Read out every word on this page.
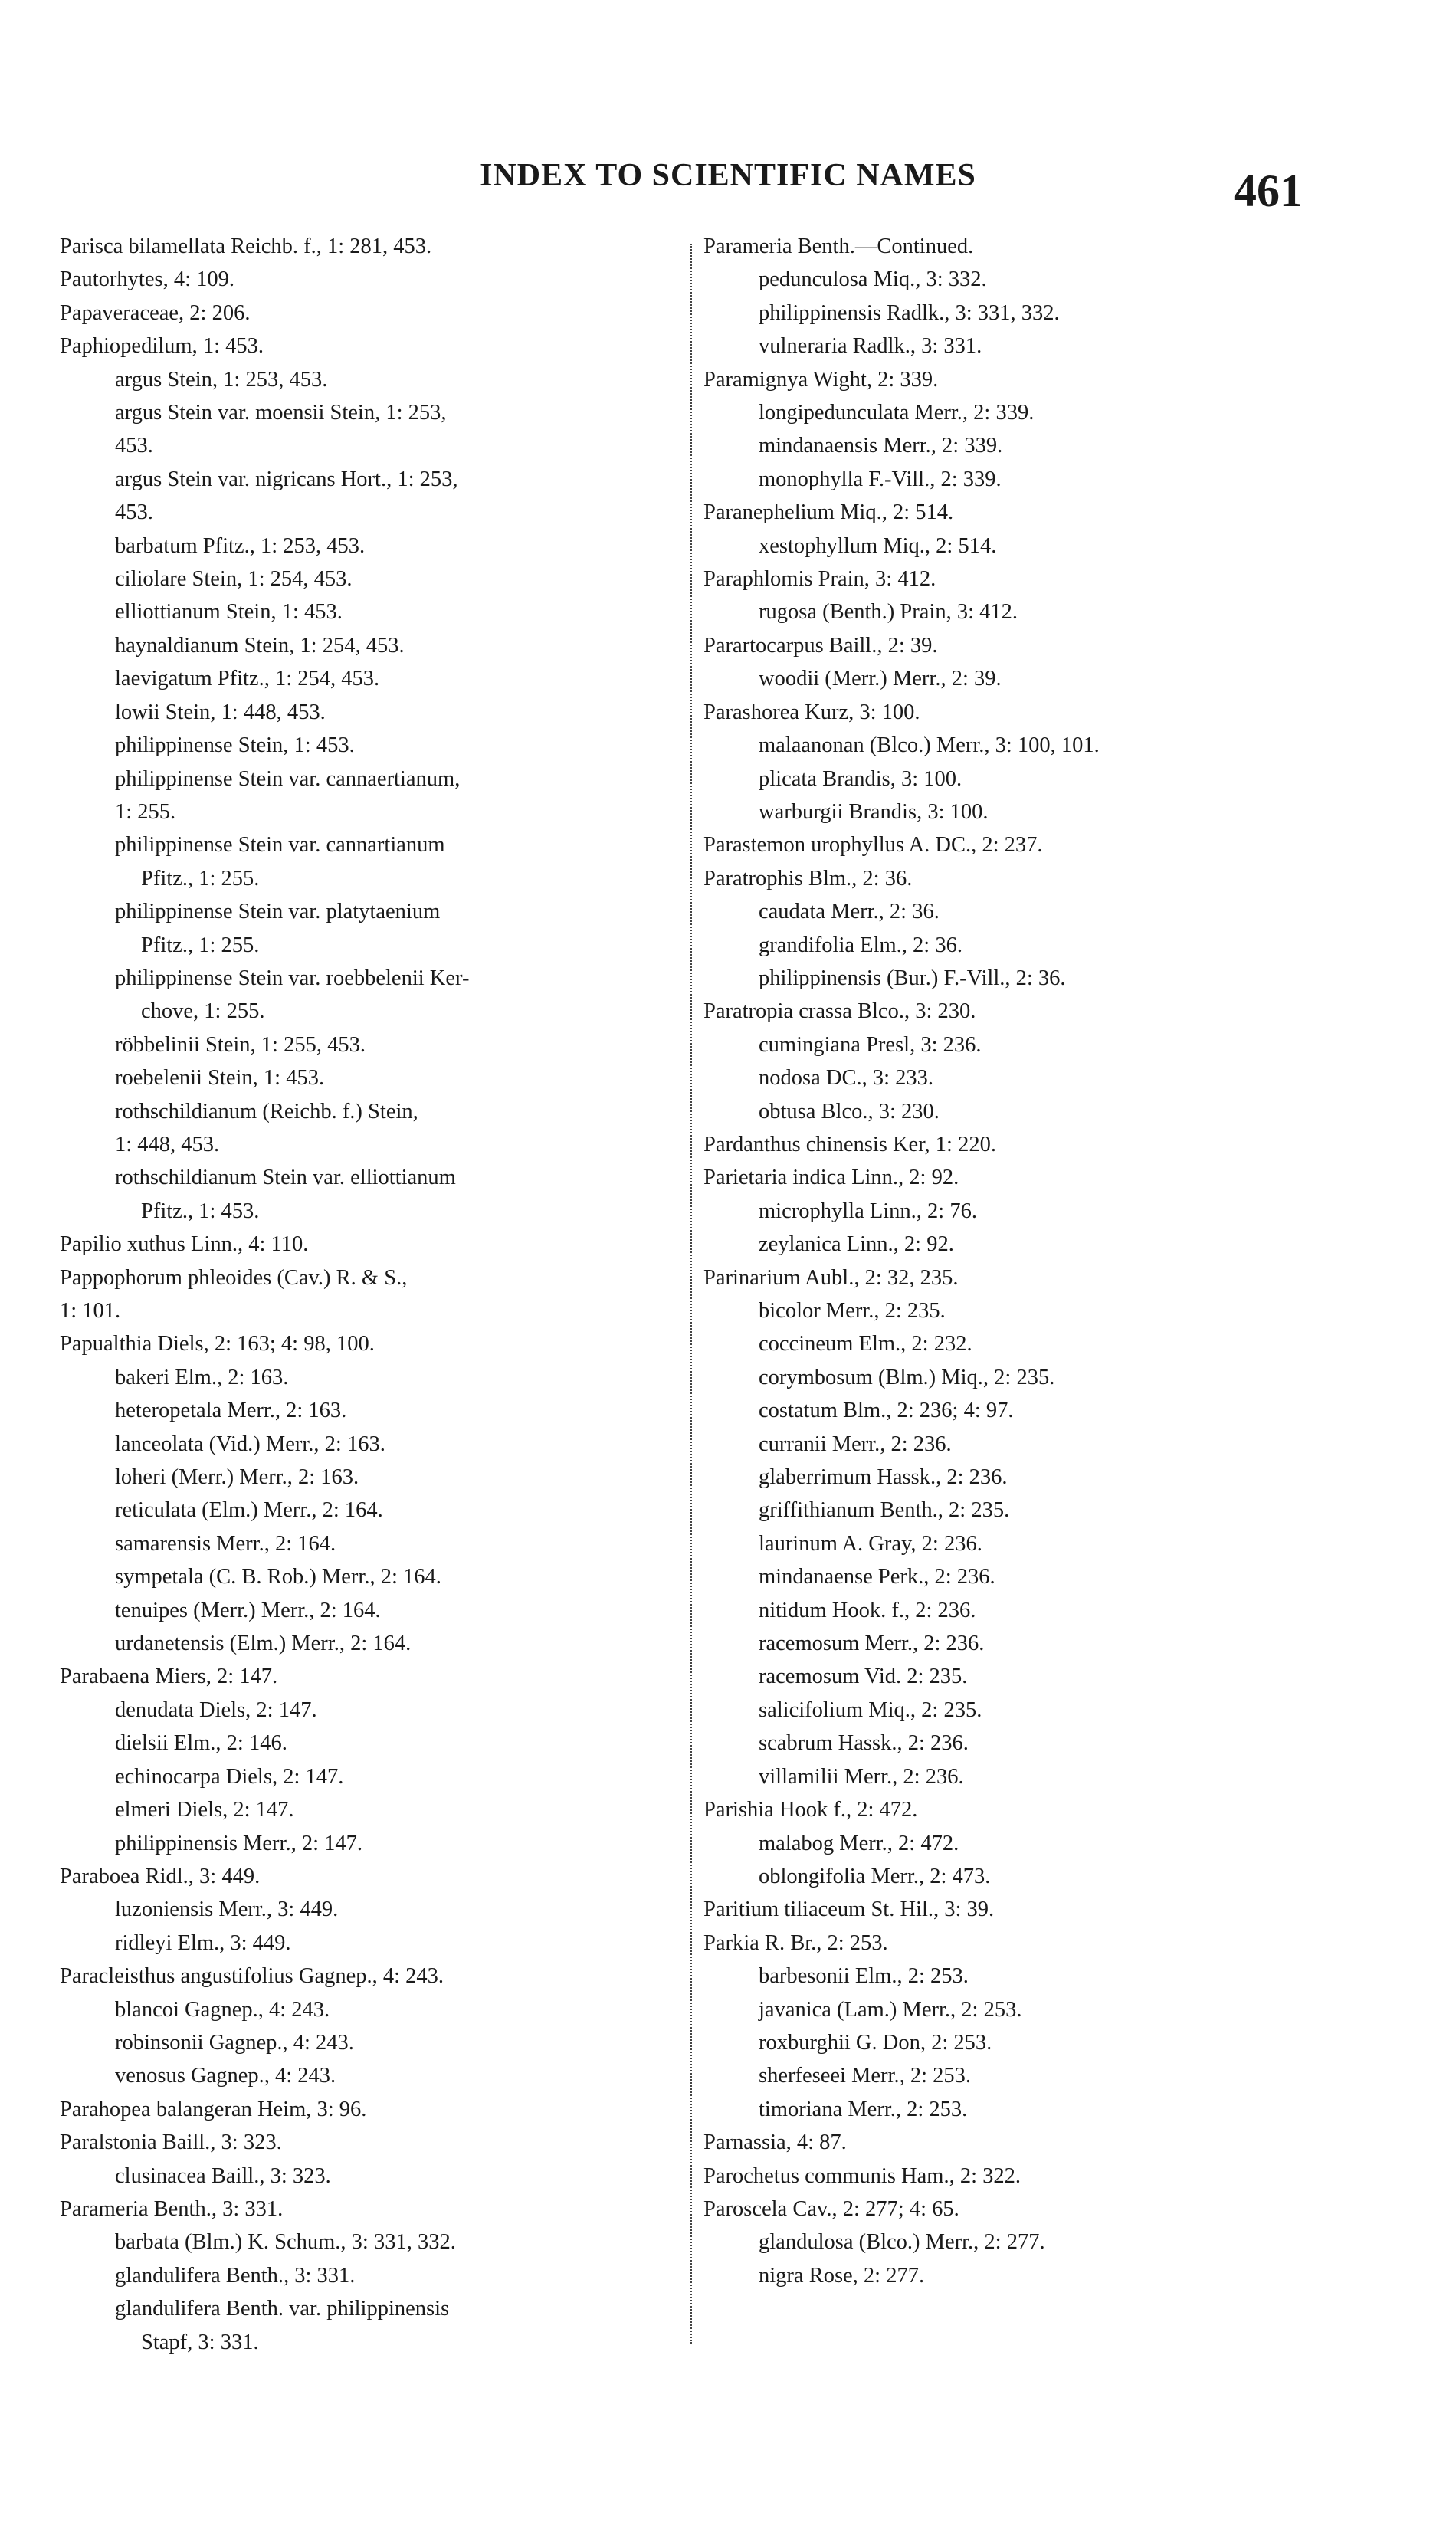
INDEX TO SCIENTIFIC NAMES	461
Parisca bilamellata Reichb. f., 1: 281, 453.
Pautorhytes, 4: 109.
Papaveraceae, 2: 206.
Paphiopedilum, 1: 453.
argus Stein, 1: 253, 453.
argus Stein var. moensii Stein, 1: 253,
453.
argus Stein var. nigricans Hort., 1: 253,
453.
barbatum Pfitz., 1: 253, 453.
ciliolare Stein, 1: 254, 453.
elliottianum Stein, 1: 453.
haynaldianum Stein, 1: 254, 453.
laevigatum Pfitz., 1: 254, 453.
lowii Stein, 1: 448, 453.
philippinense Stein, 1: 453.
philippinense Stein var. cannaertianum,
1: 255.
philippinense Stein var. cannartianum
Pfitz., 1: 255.
philippinense Stein var. platytaenium
Pfitz., 1: 255.
philippinense Stein var. roebbelenii Ker-
chove, 1: 255.
röbbelinii Stein, 1: 255, 453.
roebelenii Stein, 1: 453.
rothschildianum (Reichb. f.) Stein,
1: 448, 453.
rothschildianum Stein var. elliottianum
Pfitz., 1: 453.
Papilio xuthus Linn., 4: 110.
Pappophorum phleoides (Cav.) R. & S.,
1: 101.
Papualthia Diels, 2: 163; 4: 98, 100.
bakeri Elm., 2: 163.
heteropetala Merr., 2: 163.
lanceolata (Vid.) Merr., 2: 163.
loheri (Merr.) Merr., 2: 163.
reticulata (Elm.) Merr., 2: 164.
samarensis Merr., 2: 164.
sympetala (C. B. Rob.) Merr., 2: 164.
tenuipes (Merr.) Merr., 2: 164.
urdanetensis (Elm.) Merr., 2: 164.
Parabaena Miers, 2: 147.
denudata Diels, 2: 147.
dielsii Elm., 2: 146.
echinocarpa Diels, 2: 147.
elmeri Diels, 2: 147.
philippinensis Merr., 2: 147.
Paraboea Ridl., 3: 449.
luzoniensis Merr., 3: 449.
ridleyi Elm., 3: 449.
Paracleisthus angustifolius Gagnep., 4: 243.
blancoi Gagnep., 4: 243.
robinsonii Gagnep., 4: 243.
venosus Gagnep., 4: 243.
Parahopea balangeran Heim, 3: 96.
Paralstonia Baill., 3: 323.
clusinacea Baill., 3: 323.
Parameria Benth., 3: 331.
barbata (Blm.) K. Schum., 3: 331, 332.
glandulifera Benth., 3: 331.
glandulifera Benth. var. philippinensis
Stapf, 3: 331.
Parameria Benth.—Continued.
pedunculosa Miq., 3: 332.
philippinensis Radlk., 3: 331, 332.
vulneraria Radlk., 3: 331.
Paramignya Wight, 2: 339.
longipedunculata Merr., 2: 339.
mindanaensis Merr., 2: 339.
monophylla F.-Vill., 2: 339.
Paranephelium Miq., 2: 514.
xestophyllum Miq., 2: 514.
Paraphlomis Prain, 3: 412.
rugosa (Benth.) Prain, 3: 412.
Parartocarpus Baill., 2: 39.
woodii (Merr.) Merr., 2: 39.
Parashorea Kurz, 3: 100.
malaanonan (Blco.) Merr., 3: 100, 101.
plicata Brandis, 3: 100.
warburgii Brandis, 3: 100.
Parastemon urophyllus A. DC., 2: 237.
Paratrophis Blm., 2: 36.
caudata Merr., 2: 36.
grandifolia Elm., 2: 36.
philippinensis (Bur.) F.-Vill., 2: 36.
Paratropia crassa Blco., 3: 230.
cumingiana Presl, 3: 236.
nodosa DC., 3: 233.
obtusa Blco., 3: 230.
Pardanthus chinensis Ker, 1: 220.
Parietaria indica Linn., 2: 92.
microphylla Linn., 2: 76.
zeylanica Linn., 2: 92.
Parinarium Aubl., 2: 32, 235.
bicolor Merr., 2: 235.
coccineum Elm., 2: 232.
corymbosum (Blm.) Miq., 2: 235.
costatum Blm., 2: 236; 4: 97.
curranii Merr., 2: 236.
glaberrimum Hassk., 2: 236.
griffithianum Benth., 2: 235.
laurinum A. Gray, 2: 236.
mindanaense Perk., 2: 236.
nitidum Hook. f., 2: 236.
racemosum Merr., 2: 236.
racemosum Vid. 2: 235.
salicifolium Miq., 2: 235.
scabrum Hassk., 2: 236.
villamilii Merr., 2: 236.
Parishia Hook f., 2: 472.
malabog Merr., 2: 472.
oblongifolia Merr., 2: 473.
Paritium tiliaceum St. Hil., 3: 39.
Parkia R. Br., 2: 253.
barbesonii Elm., 2: 253.
javanica (Lam.) Merr., 2: 253.
roxburghii G. Don, 2: 253.
sherfeseei Merr., 2: 253.
timoriana Merr., 2: 253.
Parnassia, 4: 87.
Parochetus communis Ham., 2: 322.
Paroscela Cav., 2: 277; 4: 65.
glandulosa (Blco.) Merr., 2: 277.
nigra Rose, 2: 277.
